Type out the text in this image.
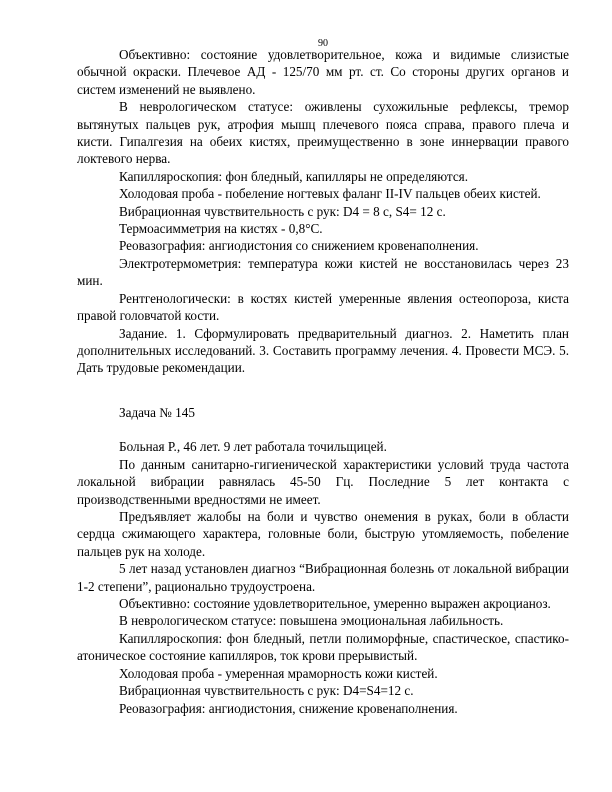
90

Объективно: состояние удовлетворительное, кожа и видимые слизистые обычной окраски. Плечевое АД - 125/70 мм рт. ст. Со стороны других органов и систем изменений не выявлено.

В неврологическом статусе: оживлены сухожильные рефлексы, тремор вытянутых пальцев рук, атрофия мышц плечевого пояса справа, правого плеча и кисти. Гипалгезия на обеих кистях, преимущественно в зоне иннервации правого локтевого нерва.

Капилляроскопия: фон бледный, капилляры не определяются.

Холодовая проба - побеление ногтевых фаланг II-IV пальцев обеих кистей.

Вибрационная чувствительность с рук: D4 = 8 с, S4= 12 с.

Термоасимметрия на кистях - 0,8°С.

Реовазография: ангиодистония со снижением кровенаполнения.

Электротермометрия: температура кожи кистей не восстановилась через 23 мин.

Рентгенологически: в костях кистей умеренные явления остеопороза, киста правой головчатой кости.

Задание. 1. Сформулировать предварительный диагноз. 2. Наметить план дополнительных исследований. 3. Составить программу лечения. 4. Провести МСЭ. 5. Дать трудовые рекомендации.

Задача № 145

Больная Р., 46 лет. 9 лет работала точильщицей.

По данным санитарно-гигиенической характеристики условий труда частота локальной вибрации равнялась 45-50 Гц. Последние 5 лет контакта с производственными вредностями не имеет.

Предъявляет жалобы на боли и чувство онемения в руках, боли в области сердца сжимающего характера, головные боли, быструю утомляемость, побеление пальцев рук на холоде.

5 лет назад установлен диагноз “Вибрационная болезнь от локальной вибрации 1-2 степени”, рационально трудоустроена.

Объективно: состояние удовлетворительное, умеренно выражен акроцианоз.

В неврологическом статусе: повышена эмоциональная лабильность.

Капилляроскопия: фон бледный, петли полиморфные, спастическое, спастико-атоническое состояние капилляров, ток крови прерывистый.

Холодовая проба - умеренная мраморность кожи кистей.

Вибрационная чувствительность с рук: D4=S4=12 с.

Реовазография: ангиодистония, снижение кровенаполнения.
